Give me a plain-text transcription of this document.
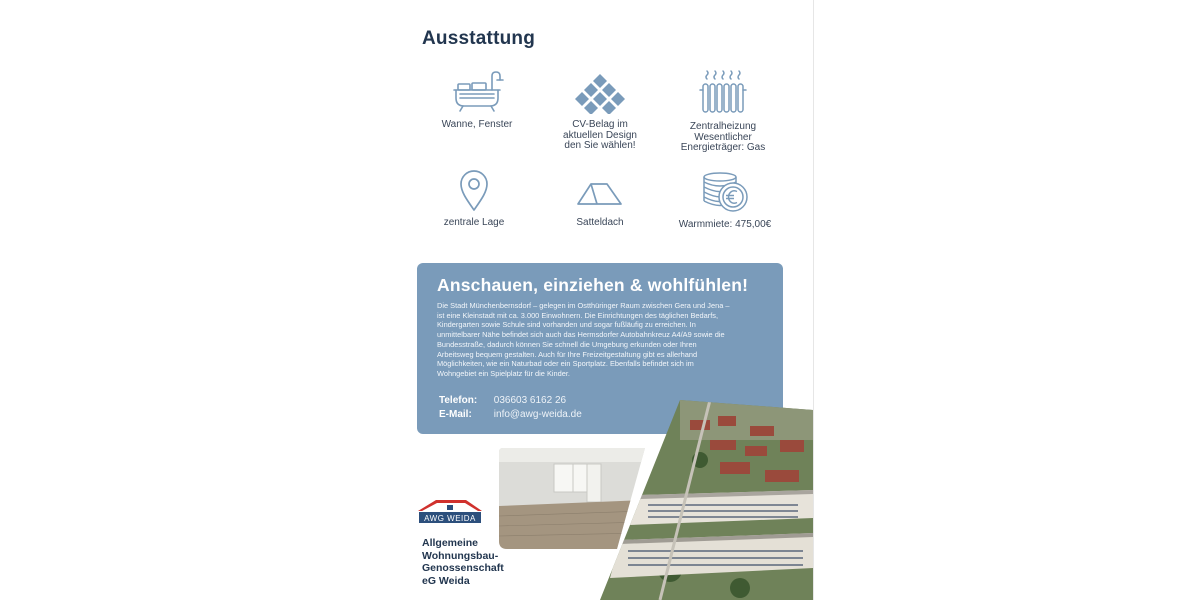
Ausstattung
Wanne, Fenster	CV-Belag im
aktuellen Design
den Sie wählen!
Zentralheizung
Wesentlicher
Energieträger: Gas
zentrale Lage	Satteldach	Warmmiete: 475,00€
Anschauen, einziehen & wohlfühlen!

Die Stadt Münchenbernsdorf – gelegen im Ostthüringer Raum zwischen Gera und Jena – ist eine Kleinstadt mit ca. 3.000 Einwohnern. Die Einrichtungen des täglichen Bedarfs, Kindergarten sowie Schule sind vorhanden und sogar fußläufig zu erreichen. In unmittelbarer Nähe befindet sich auch das Hermsdorfer Autobahnkreuz A4/A9 sowie die Bundesstraße, dadurch können Sie schnell die Umgebung erkunden oder Ihren Arbeitsweg bequem gestalten. Auch für Ihre Freizeitgestaltung gibt es allerhand Möglichkeiten, wie ein Naturbad oder ein Sportplatz. Ebenfalls befindet sich im Wohngebiet ein Spielplatz für die Kinder.

Telefon: 036603 6162 26
E-Mail: info@awg-weida.de
AWG WEIDA
Allgemeine
Wohnungsbau-
Genossenschaft
eG Weida
